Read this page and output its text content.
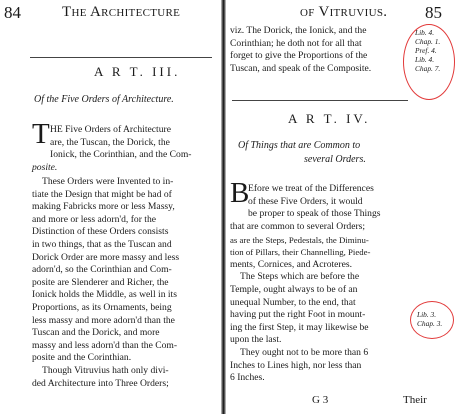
84	The Architecture
A R T. III.
Of the Five Orders of Architecture.
T HE Five Orders of Architecture
are, the Tuscan, the Dorick, the
Ionick, the Corinthian, and the Com-

posite.

These Orders were Invented to in-
tiate the Design that might be had of
making Fabricks more or less Massy,
and more or less adorn'd, for the
Distinction of these Orders consists
in two things, that as the Tuscan and
Dorick Order are more massy and less
adorn'd, so the Corinthian and Com-
posite are Slenderer and Richer, the
Ionick holds the Middle, as well in its
Proportions, as its Ornaments, being
less massy and more adorn'd than the
Tuscan and the Dorick, and more
massy and less adorn'd than the Com-
posite and the Corinthian.
Though Vitruvius hath only divi-
ded Architecture into Three Orders;

of Vitruvius. 85

viz. The Dorick, the Ionick, and the
Corinthian; he doth not for all that
forget to give the Proportions of the
Tuscan, and speak of the Composite.

Lib. 4.
Chap. 1.
Pref. 4.
Lib. 4.
Chap. 7.

A R T. IV.
Of Things that are Common to
several Orders.
B

Efore we treat of the Differences
of these Five Orders, it would
be proper to speak of those Things

that are common to several Orders;
as are the Steps, Pedestals, the Diminu-
tion of Pillars, their Channelling, Piede-
ments, Cornices, and Acroteres.
The Steps which are before the
Temple, ought always to be of an
unequal Number, to the end, that
having put the right Foot in mount-
ing the first Step, it may likewise be
upon the last.
They ought not to be more than 6
Inches to Lines high, nor less than
6 Inches.

Lib. 3.
Chap. 3.

G 3	Their
